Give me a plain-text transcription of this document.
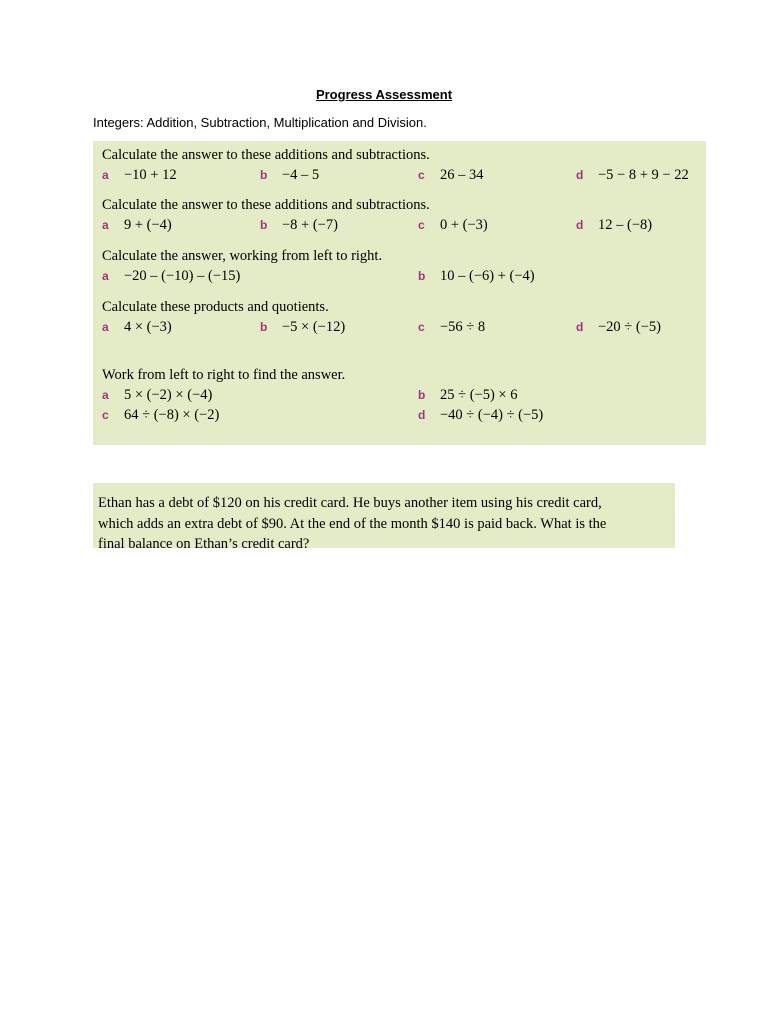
Progress Assessment
Integers: Addition, Subtraction, Multiplication and Division.
Calculate the answer to these additions and subtractions.
a −10 + 12	b −4 – 5	c 26 – 34	d −5 − 8 + 9 − 22
Calculate the answer to these additions and subtractions.
a 9 + (−4)	b −8 + (−7)	c 0 + (−3)	d 12 – (−8)
Calculate the answer, working from left to right.
a −20 – (−10) – (−15)	b 10 – (−6) + (−4)
Calculate these products and quotients.
a 4 × (−3)	b −5 × (−12)	c −56 ÷ 8	d −20 ÷ (−5)
Work from left to right to find the answer.
a 5 × (−2) × (−4)	b 25 ÷ (−5) × 6
c 64 ÷ (−8) × (−2)	d −40 ÷ (−4) ÷ (−5)
Ethan has a debt of $120 on his credit card. He buys another item using his credit card,
which adds an extra debt of $90. At the end of the month $140 is paid back. What is the
final balance on Ethan’s credit card?
